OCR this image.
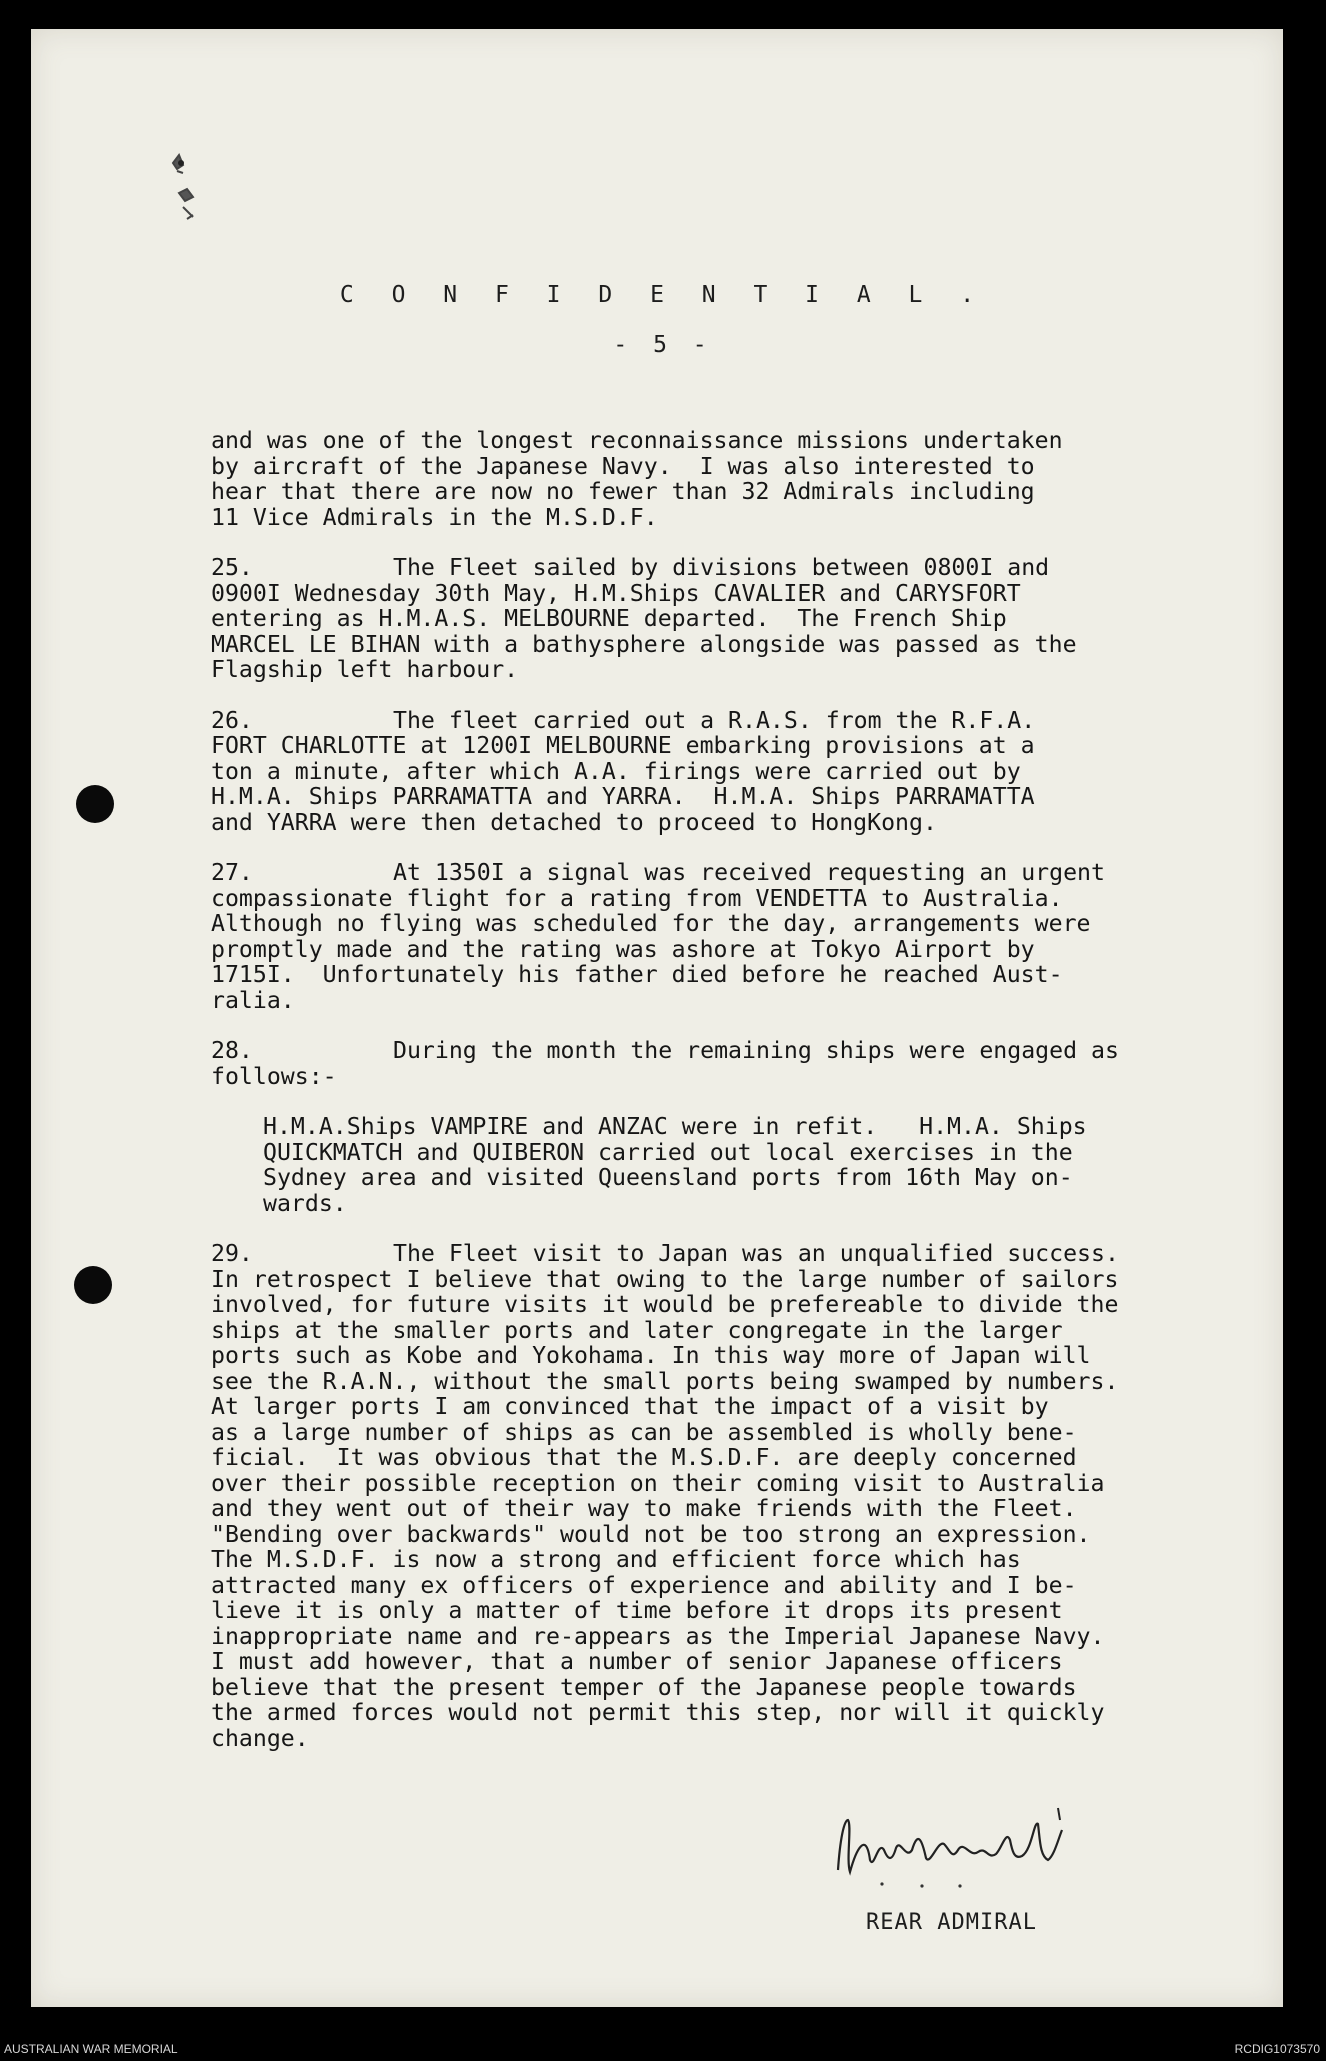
C O N F I D E N T I A L .
- 5 -
and was one of the longest reconnaissance missions undertaken
by aircraft of the Japanese Navy.  I was also interested to
hear that there are now no fewer than 32 Admirals including
11 Vice Admirals in the M.S.D.F.
25.	The Fleet sailed by divisions between 0800I and
0900I Wednesday 30th May, H.M.Ships CAVALIER and CARYSFORT
entering as H.M.A.S. MELBOURNE departed.  The French Ship
MARCEL LE BIHAN with a bathysphere alongside was passed as the
Flagship left harbour.
26.	The fleet carried out a R.A.S. from the R.F.A.
FORT CHARLOTTE at 1200I MELBOURNE embarking provisions at a
ton a minute, after which A.A. firings were carried out by
H.M.A. Ships PARRAMATTA and YARRA.  H.M.A. Ships PARRAMATTA
and YARRA were then detached to proceed to HongKong.
27.	At 1350I a signal was received requesting an urgent
compassionate flight for a rating from VENDETTA to Australia.
Although no flying was scheduled for the day, arrangements were
promptly made and the rating was ashore at Tokyo Airport by
1715I.  Unfortunately his father died before he reached Aust-
ralia.
28.	During the month the remaining ships were engaged as
follows:-
H.M.A.Ships VAMPIRE and ANZAC were in refit.   H.M.A. Ships
QUICKMATCH and QUIBERON carried out local exercises in the
Sydney area and visited Queensland ports from 16th May on-
wards.
29.	The Fleet visit to Japan was an unqualified success.
In retrospect I believe that owing to the large number of sailors
involved, for future visits it would be prefereable to divide the
ships at the smaller ports and later congregate in the larger
ports such as Kobe and Yokohama. In this way more of Japan will
see the R.A.N., without the small ports being swamped by numbers.
At larger ports I am convinced that the impact of a visit by
as a large number of ships as can be assembled is wholly bene-
ficial.  It was obvious that the M.S.D.F. are deeply concerned
over their possible reception on their coming visit to Australia
and they went out of their way to make friends with the Fleet.
"Bending over backwards" would not be too strong an expression.
The M.S.D.F. is now a strong and efficient force which has
attracted many ex officers of experience and ability and I be-
lieve it is only a matter of time before it drops its present
inappropriate name and re-appears as the Imperial Japanese Navy.
I must add however, that a number of senior Japanese officers
believe that the present temper of the Japanese people towards
the armed forces would not permit this step, nor will it quickly
change.
REAR ADMIRAL
AUSTRALIAN WAR MEMORIAL	RCDIG1073570
